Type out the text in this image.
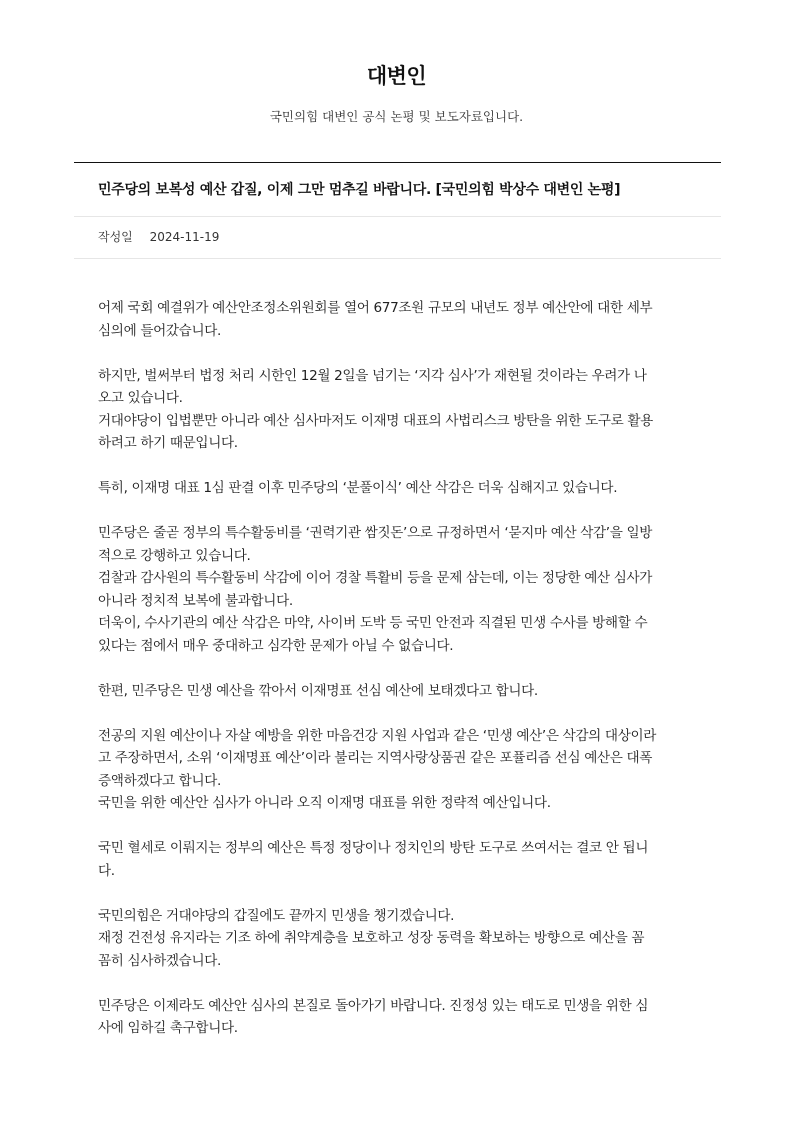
대변인

국민의힘 대변인 공식 논평 및 보도자료입니다.

민주당의 보복성 예산 갑질, 이제 그만 멈추길 바랍니다. [국민의힘 박상수 대변인 논평]
작성일 2024-11-19
어제 국회 예결위가 예산안조정소위원회를 열어 677조원 규모의 내년도 정부 예산안에 대한 세부
심의에 들어갔습니다.
하지만, 벌써부터 법정 처리 시한인 12월 2일을 넘기는 ‘지각 심사’가 재현될 것이라는 우려가 나
오고 있습니다.
거대야당이 입법뿐만 아니라 예산 심사마저도 이재명 대표의 사법리스크 방탄을 위한 도구로 활용
하려고 하기 때문입니다.
특히, 이재명 대표 1심 판결 이후 민주당의 ‘분풀이식’ 예산 삭감은 더욱 심해지고 있습니다.
민주당은 줄곧 정부의 특수활동비를 ‘권력기관 쌈짓돈’으로 규정하면서 ‘묻지마 예산 삭감’을 일방
적으로 강행하고 있습니다.
검찰과 감사원의 특수활동비 삭감에 이어 경찰 특활비 등을 문제 삼는데, 이는 정당한 예산 심사가
아니라 정치적 보복에 불과합니다.
더욱이, 수사기관의 예산 삭감은 마약, 사이버 도박 등 국민 안전과 직결된 민생 수사를 방해할 수
있다는 점에서 매우 중대하고 심각한 문제가 아닐 수 없습니다.
한편, 민주당은 민생 예산을 깎아서 이재명표 선심 예산에 보태겠다고 합니다.
전공의 지원 예산이나 자살 예방을 위한 마음건강 지원 사업과 같은 ‘민생 예산’은 삭감의 대상이라
고 주장하면서, 소위 ‘이재명표 예산’이라 불리는 지역사랑상품권 같은 포퓰리즘 선심 예산은 대폭
증액하겠다고 합니다.
국민을 위한 예산안 심사가 아니라 오직 이재명 대표를 위한 정략적 예산입니다.
국민 혈세로 이뤄지는 정부의 예산은 특정 정당이나 정치인의 방탄 도구로 쓰여서는 결코 안 됩니
다.
국민의힘은 거대야당의 갑질에도 끝까지 민생을 챙기겠습니다.
재정 건전성 유지라는 기조 하에 취약계층을 보호하고 성장 동력을 확보하는 방향으로 예산을 꼼
꼼히 심사하겠습니다.
민주당은 이제라도 예산안 심사의 본질로 돌아가기 바랍니다. 진정성 있는 태도로 민생을 위한 심
사에 임하길 촉구합니다.
